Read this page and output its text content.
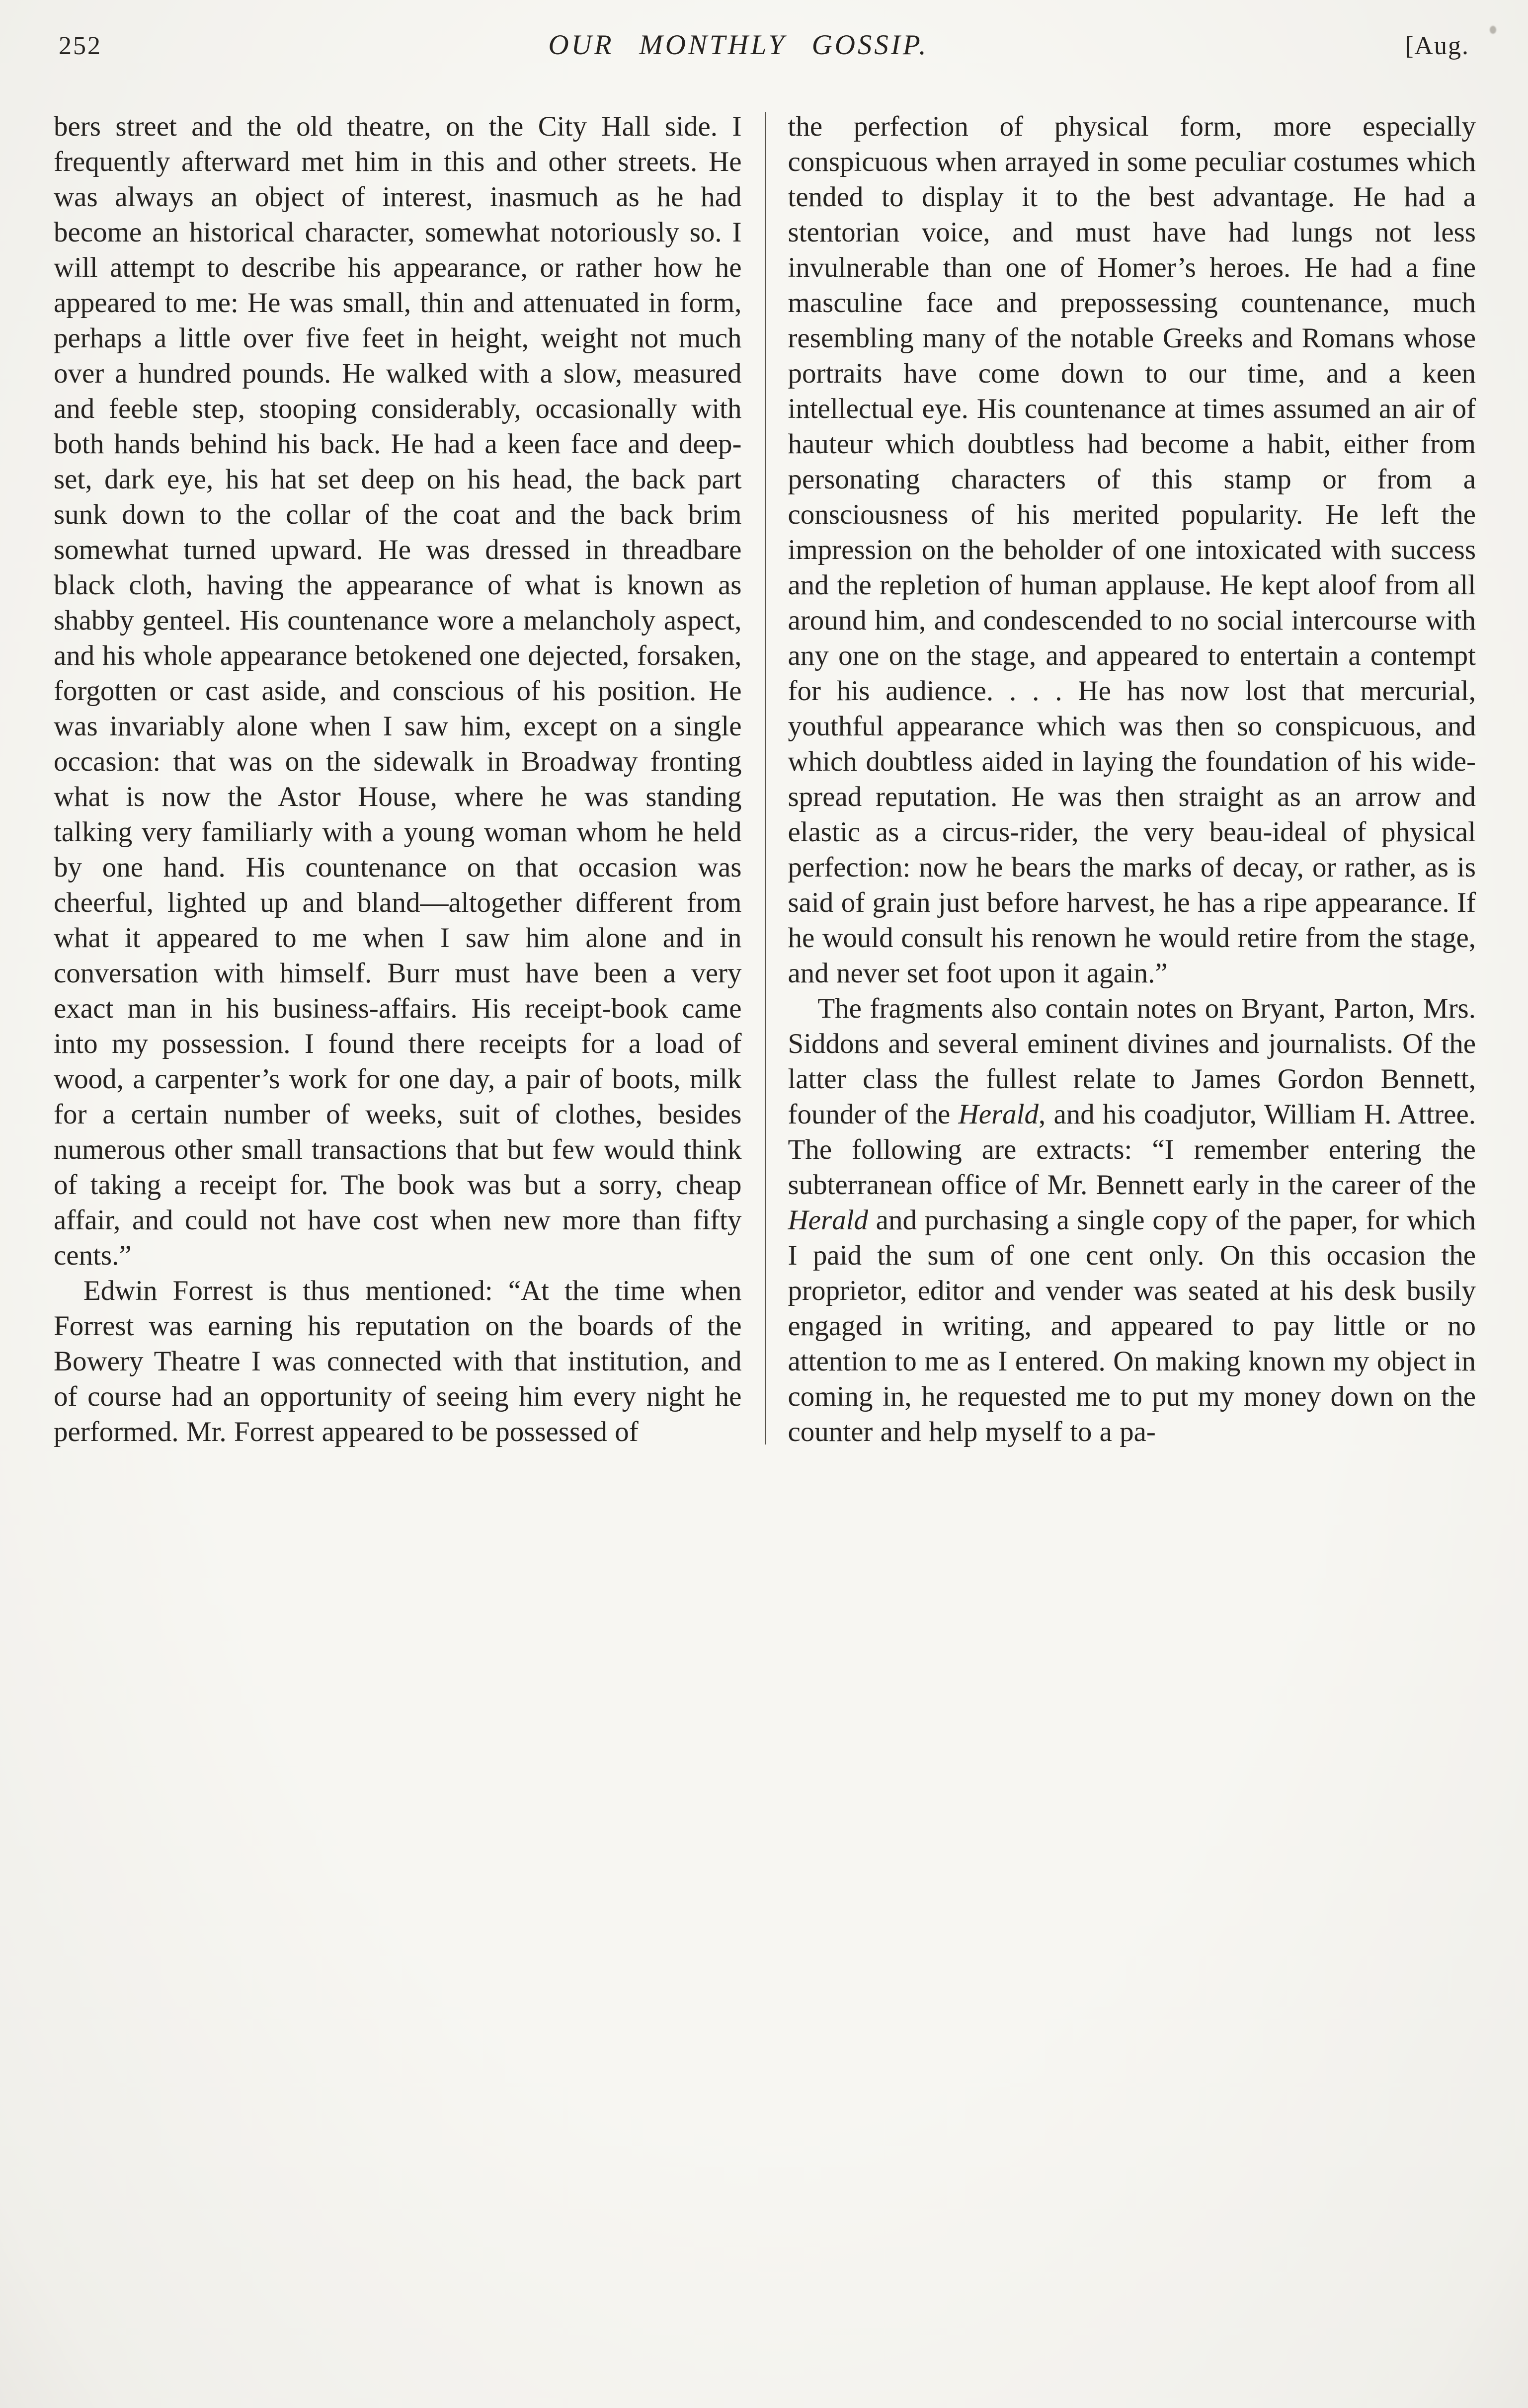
252	OUR MONTHLY GOSSIP.	[Aug.

bers street and the old theatre, on the City Hall side. I frequently afterward met him in this and other streets. He was always an object of interest, inasmuch as he had become an historical character, somewhat notoriously so. I will attempt to describe his appearance, or rather how he appeared to me: He was small, thin and attenuated in form, perhaps a little over five feet in height, weight not much over a hundred pounds. He walked with a slow, measured and feeble step, stooping considerably, occasionally with both hands behind his back. He had a keen face and deep-set, dark eye, his hat set deep on his head, the back part sunk down to the collar of the coat and the back brim somewhat turned upward. He was dressed in threadbare black cloth, having the appearance of what is known as shabby genteel. His countenance wore a melancholy aspect, and his whole appearance betokened one dejected, forsaken, forgotten or cast aside, and conscious of his position. He was invariably alone when I saw him, except on a single occasion: that was on the sidewalk in Broadway fronting what is now the Astor House, where he was standing talking very familiarly with a young woman whom he held by one hand. His countenance on that occasion was cheerful, lighted up and bland—altogether different from what it appeared to me when I saw him alone and in conversation with himself. Burr must have been a very exact man in his business-affairs. His receipt-book came into my possession. I found there receipts for a load of wood, a carpenter’s work for one day, a pair of boots, milk for a certain number of weeks, suit of clothes, besides numerous other small transactions that but few would think of taking a receipt for. The book was but a sorry, cheap affair, and could not have cost when new more than fifty cents.”

Edwin Forrest is thus mentioned: “At the time when Forrest was earning his reputation on the boards of the Bowery Theatre I was connected with that institution, and of course had an opportunity of seeing him every night he performed. Mr. Forrest appeared to be possessed of

the perfection of physical form, more especially conspicuous when arrayed in some peculiar costumes which tended to display it to the best advantage. He had a stentorian voice, and must have had lungs not less invulnerable than one of Homer’s heroes. He had a fine masculine face and prepossessing countenance, much resembling many of the notable Greeks and Romans whose portraits have come down to our time, and a keen intellectual eye. His countenance at times assumed an air of hauteur which doubtless had become a habit, either from personating characters of this stamp or from a consciousness of his merited popularity. He left the impression on the beholder of one intoxicated with success and the repletion of human applause. He kept aloof from all around him, and condescended to no social intercourse with any one on the stage, and appeared to entertain a contempt for his audience. . . . He has now lost that mercurial, youthful appearance which was then so conspicuous, and which doubtless aided in laying the foundation of his wide-spread reputation. He was then straight as an arrow and elastic as a circus-rider, the very beau-ideal of physical perfection: now he bears the marks of decay, or rather, as is said of grain just before harvest, he has a ripe appearance. If he would consult his renown he would retire from the stage, and never set foot upon it again.”

The fragments also contain notes on Bryant, Parton, Mrs. Siddons and several eminent divines and journalists. Of the latter class the fullest relate to James Gordon Bennett, founder of the Herald, and his coadjutor, William H. Attree. The following are extracts: “I remember entering the subterranean office of Mr. Bennett early in the career of the Herald and purchasing a single copy of the paper, for which I paid the sum of one cent only. On this occasion the proprietor, editor and vender was seated at his desk busily engaged in writing, and appeared to pay little or no attention to me as I entered. On making known my object in coming in, he requested me to put my money down on the counter and help myself to a pa-
